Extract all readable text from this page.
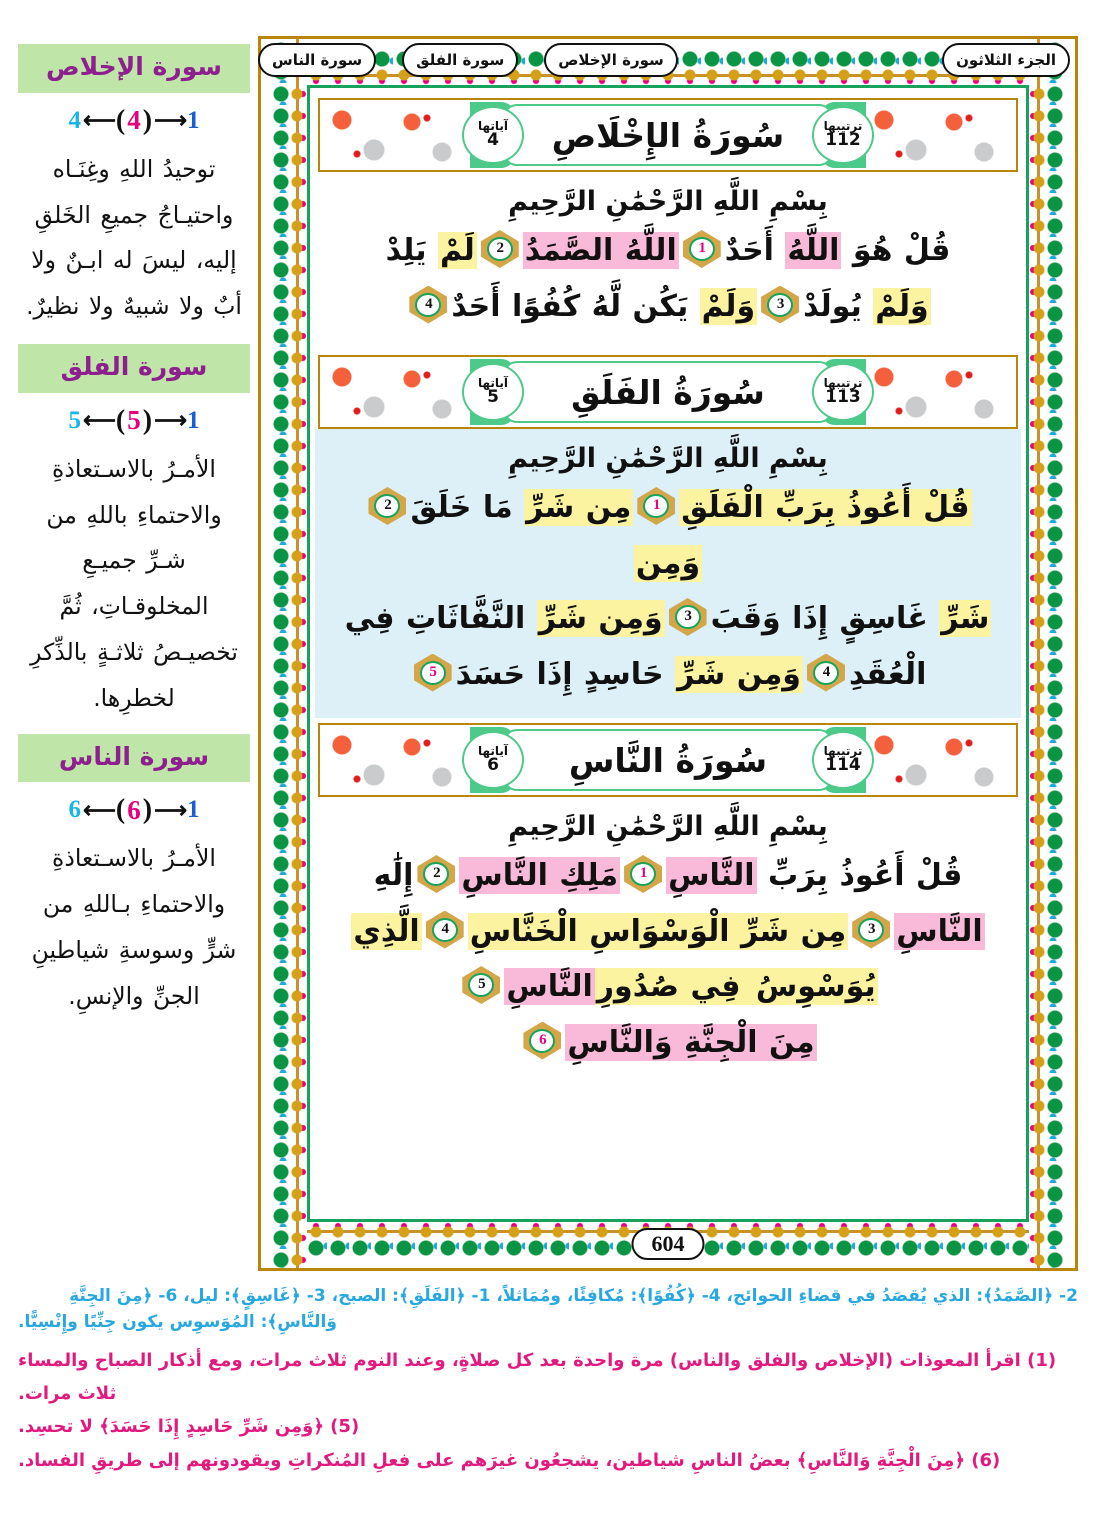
سورة الإخلاص
4 ⟵ ( 4 ) ⟶ 1
توحيدُ اللهِ وغِنَـاه واحتيـاجُ جميعِ الخَلقِ إليه، ليسَ له ابـنٌ ولا أبٌ ولا شبيهٌ ولا نظيرٌ.
سورة الفلق
5 ⟵ ( 5 ) ⟶ 1
الأمـرُ بالاسـتعاذةِ والاحتماءِ باللهِ من شـرِّ جميـعِ المخلوقـاتِ، ثُمَّ تخصيـصُ ثلاثـةٍ بالذِّكرِ لخطرِها.
سورة الناس
6 ⟵ ( 6 ) ⟶ 1
الأمـرُ بالاسـتعاذةِ والاحتماءِ بـاللهِ من شرٍّ وسوسةِ شياطينِ الجنِّ والإنسِ.
آياتها
4
ترتيبها
112
سُورَةُ الإِخْلَاصِ
بِسْمِ اللَّهِ الرَّحْمَٰنِ الرَّحِيمِ
قُلْ هُوَ اللَّهُ أَحَدٌ
1
اللَّهُ الصَّمَدُ
2
لَمْ يَلِدْ
وَلَمْ يُولَدْ
3
وَلَمْ يَكُن لَّهُ كُفُوًا أَحَدٌ
4
آياتها
5
ترتيبها
113
سُورَةُ الفَلَقِ
بِسْمِ اللَّهِ الرَّحْمَٰنِ الرَّحِيمِ
قُلْ أَعُوذُ بِرَبِّ الْفَلَقِ
1
مِن شَرِّ مَا خَلَقَ
2
وَمِن
شَرِّ غَاسِقٍ إِذَا وَقَبَ
3
وَمِن شَرِّ النَّفَّاثَاتِ فِي
الْعُقَدِ
4
وَمِن شَرِّ حَاسِدٍ إِذَا حَسَدَ
5
آياتها
6
ترتيبها
114
سُورَةُ النَّاسِ
بِسْمِ اللَّهِ الرَّحْمَٰنِ الرَّحِيمِ
قُلْ أَعُوذُ بِرَبِّ النَّاسِ
1
مَلِكِ النَّاسِ
2
إِلَٰهِ
النَّاسِ
3
مِن شَرِّ الْوَسْوَاسِ الْخَنَّاسِ
4
الَّذِي
يُوَسْوِسُ فِي صُدُورِالنَّاسِ
5
مِنَ الْجِنَّةِ وَالنَّاسِ
6
سورة الناس	سورة الفلق	سورة الإخلاص	الجزء الثلاثون
604
2- ﴿الصَّمَدُ﴾: الذي يُقصَدُ في قضاءِ الحوائج، 4- ﴿كُفُوًا﴾: مُكافِئًا، ومُمَاثلاً، 1- ﴿الفَلَقِ﴾: الصبح، 3- ﴿غَاسِقٍ﴾: ليل، 6- ﴿مِنَ الجِنَّةِ
وَالنَّاسِ﴾: المُوَسوِس يكون جِنِّيًا وإِنْسِيًّا.
(1) اقرأ المعوذات (الإخلاص والفلق والناس) مرة واحدة بعد كل صلاةٍ، وعند النوم ثلاث مرات، ومع أذكار الصباح والمساء ثلاث مرات.
(5) ﴿وَمِن شَرِّ حَاسِدٍ إِذَا حَسَدَ﴾ لا تحسِد.
(6) ﴿مِنَ الْجِنَّةِ وَالنَّاسِ﴾ بعضُ الناسِ شياطين، يشجعُون غيرَهم على فعلِ المُنكراتِ ويقودونهم إلى طريقِ الفساد.
